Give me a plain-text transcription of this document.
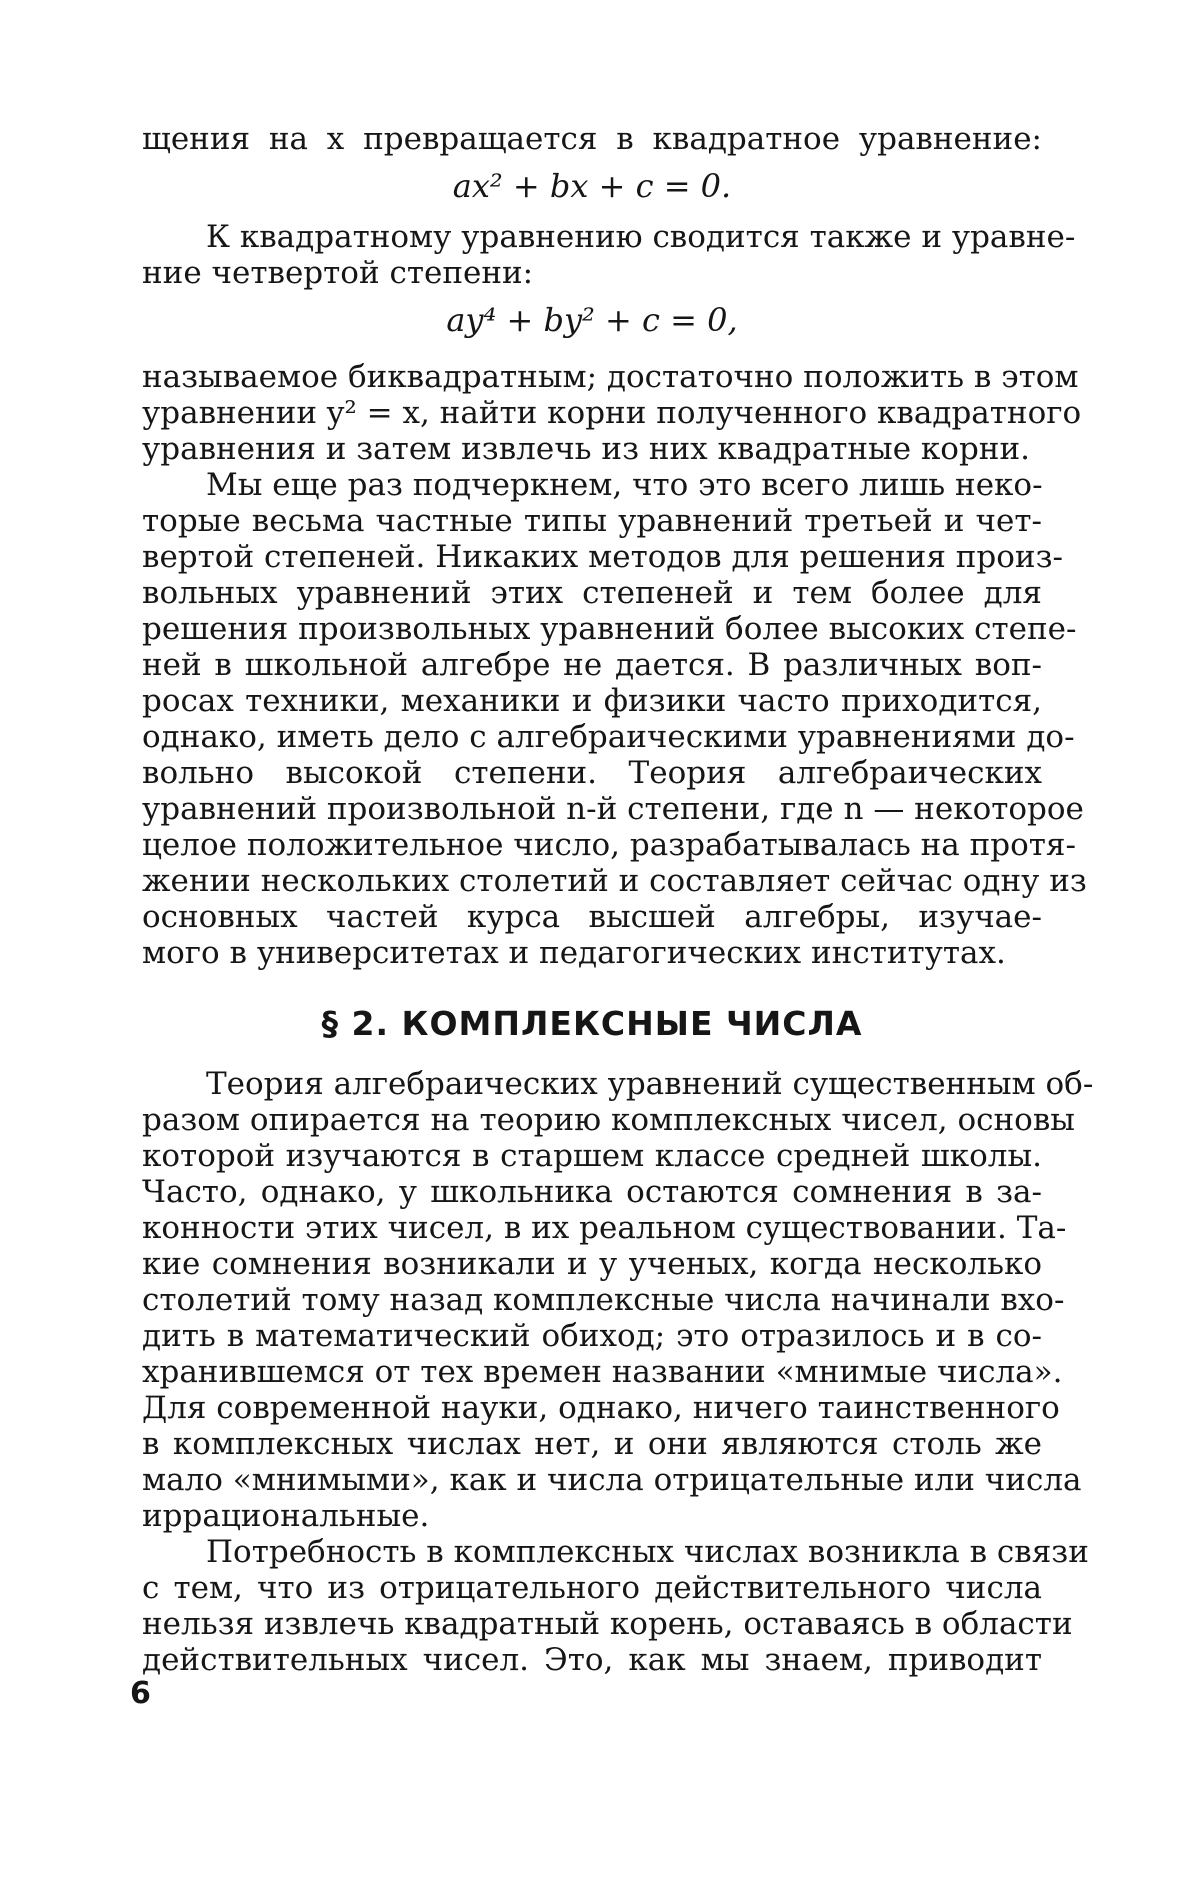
щения на x превращается в квадратное уравнение:
ax² + bx + c = 0.
К квадратному уравнению сводится также и уравне-
ние четвертой степени:
ay⁴ + by² + c = 0,
называемое биквадратным; достаточно положить в этом
уравнении y² = x, найти корни полученного квадратного
уравнения и затем извлечь из них квадратные корни.
Мы еще раз подчеркнем, что это всего лишь неко-
торые весьма частные типы уравнений третьей и чет-
вертой степеней. Никаких методов для решения произ-
вольных уравнений этих степеней и тем более для
решения произвольных уравнений более высоких степе-
ней в школьной алгебре не дается. В различных воп-
росах техники, механики и физики часто приходится,
однако, иметь дело с алгебраическими уравнениями до-
вольно высокой степени. Теория алгебраических
уравнений произвольной n-й степени, где n — некоторое
целое положительное число, разрабатывалась на протя-
жении нескольких столетий и составляет сейчас одну из
основных частей курса высшей алгебры, изучае-
мого в университетах и педагогических институтах.
§ 2. КОМПЛЕКСНЫЕ ЧИСЛА
Теория алгебраических уравнений существенным об-
разом опирается на теорию комплексных чисел, основы
которой изучаются в старшем классе средней школы.
Часто, однако, у школьника остаются сомнения в за-
конности этих чисел, в их реальном существовании. Та-
кие сомнения возникали и у ученых, когда несколько
столетий тому назад комплексные числа начинали вхо-
дить в математический обиход; это отразилось и в со-
хранившемся от тех времен названии «мнимые числа».
Для современной науки, однако, ничего таинственного
в комплексных числах нет, и они являются столь же
мало «мнимыми», как и числа отрицательные или числа
иррациональные.
Потребность в комплексных числах возникла в связи
с тем, что из отрицательного действительного числа
нельзя извлечь квадратный корень, оставаясь в области
действительных чисел. Это, как мы знаем, приводит
6
